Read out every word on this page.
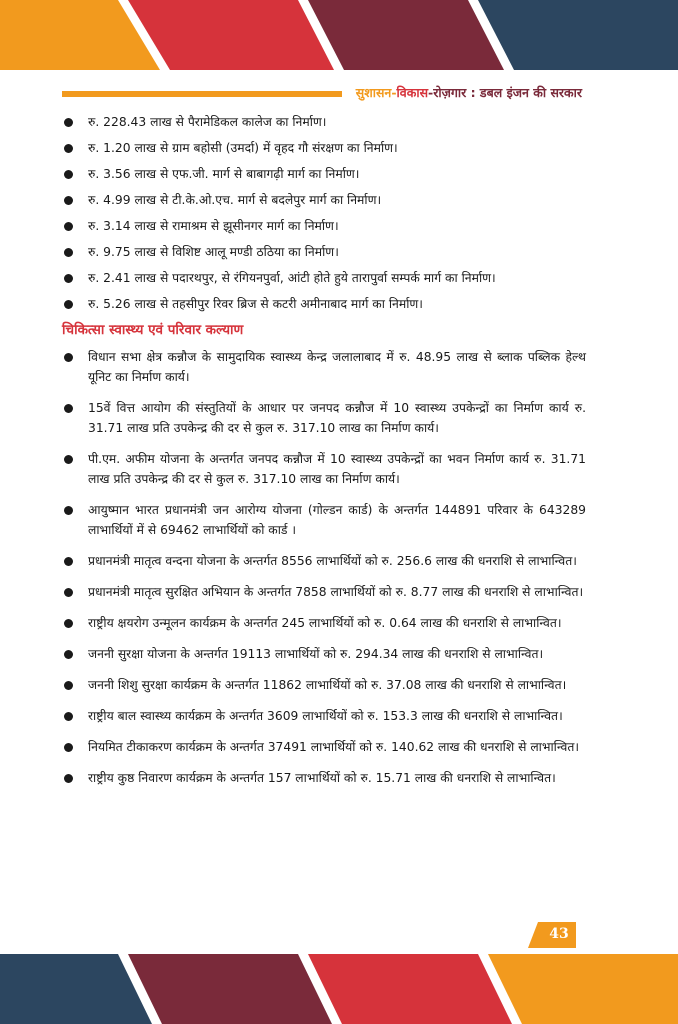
सुशासन-विकास-रोज़गार : डबल इंजन की सरकार
रु. 228.43 लाख से पैरामेडिकल कालेज का निर्माण।
रु. 1.20 लाख से ग्राम बहोसी (उमर्दा) में वृहद गौ संरक्षण का निर्माण।
रु. 3.56 लाख से एफ.जी. मार्ग से बाबागढ़ी मार्ग का निर्माण।
रु. 4.99 लाख से टी.के.ओ.एच. मार्ग से बदलेपुर मार्ग का निर्माण।
रु. 3.14 लाख से रामाश्रम से झूसीनगर मार्ग का निर्माण।
रु. 9.75 लाख से विशिष्ट आलू मण्डी ठठिया का निर्माण।
रु. 2.41 लाख से पदारथपुर, से रंगियनपुर्वा, आंटी होते हुये तारापुर्वा सम्पर्क मार्ग का निर्माण।
रु. 5.26 लाख से तहसीपुर रिवर ब्रिज से कटरी अमीनाबाद मार्ग का निर्माण।
चिकित्सा स्वास्थ्य एवं परिवार कल्याण
विधान सभा क्षेत्र कन्नौज के सामुदायिक स्वास्थ्य केन्द्र जलालाबाद में रु. 48.95 लाख से ब्लाक पब्लिक हेल्थ यूनिट का निर्माण कार्य।
15वें वित्त आयोग की संस्तुतियों के आधार पर जनपद कन्नौज में 10 स्वास्थ्य उपकेन्द्रों का निर्माण कार्य रु. 31.71 लाख प्रति उपकेन्द्र की दर से कुल रु. 317.10 लाख का निर्माण कार्य।
पी.एम. अफीम योजना के अन्तर्गत जनपद कन्नौज में 10 स्वास्थ्य उपकेन्द्रों का भवन निर्माण कार्य रु. 31.71 लाख प्रति उपकेन्द्र की दर से कुल रु. 317.10 लाख का निर्माण कार्य।
आयुष्मान भारत प्रधानमंत्री जन आरोग्य योजना (गोल्डन कार्ड) के अन्तर्गत 144891 परिवार के 643289 लाभार्थियों में से 69462 लाभार्थियों को कार्ड ।
प्रधानमंत्री मातृत्व वन्दना योजना के अन्तर्गत 8556 लाभार्थियों को रु. 256.6 लाख की धनराशि से लाभान्वित।
प्रधानमंत्री मातृत्व सुरक्षित अभियान के अन्तर्गत 7858 लाभार्थियों को रु. 8.77 लाख की धनराशि से लाभान्वित।
राष्ट्रीय क्षयरोग उन्मूलन कार्यक्रम के अन्तर्गत 245 लाभार्थियों को रु. 0.64 लाख की धनराशि से लाभान्वित।
जननी सुरक्षा योजना के अन्तर्गत 19113 लाभार्थियों को रु. 294.34 लाख की धनराशि से लाभान्वित।
जननी शिशु सुरक्षा कार्यक्रम के अन्तर्गत 11862 लाभार्थियों को रु. 37.08 लाख की धनराशि से लाभान्वित।
राष्ट्रीय बाल स्वास्थ्य कार्यक्रम के अन्तर्गत 3609 लाभार्थियों को रु. 153.3 लाख की धनराशि से लाभान्वित।
नियमित टीकाकरण कार्यक्रम के अन्तर्गत 37491 लाभार्थियों को रु. 140.62 लाख की धनराशि से लाभान्वित।
राष्ट्रीय कुष्ठ निवारण कार्यक्रम के अन्तर्गत 157 लाभार्थियों को रु. 15.71 लाख की धनराशि से लाभान्वित।
43
